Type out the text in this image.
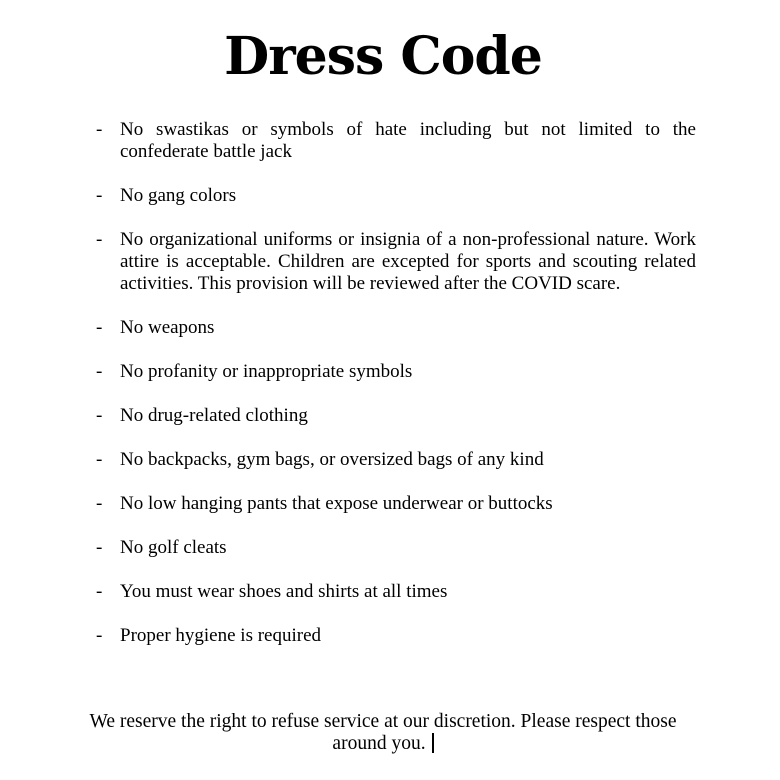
Dress Code
- No swastikas or symbols of hate including but not limited to the confederate battle jack
- No gang colors
- No organizational uniforms or insignia of a non-professional nature. Work attire is acceptable. Children are excepted for sports and scouting related activities. This provision will be reviewed after the COVID scare.
- No weapons
- No profanity or inappropriate symbols
- No drug-related clothing
- No backpacks, gym bags, or oversized bags of any kind
- No low hanging pants that expose underwear or buttocks
- No golf cleats
- You must wear shoes and shirts at all times
- Proper hygiene is required

We reserve the right to refuse service at our discretion. Please respect those around you.
